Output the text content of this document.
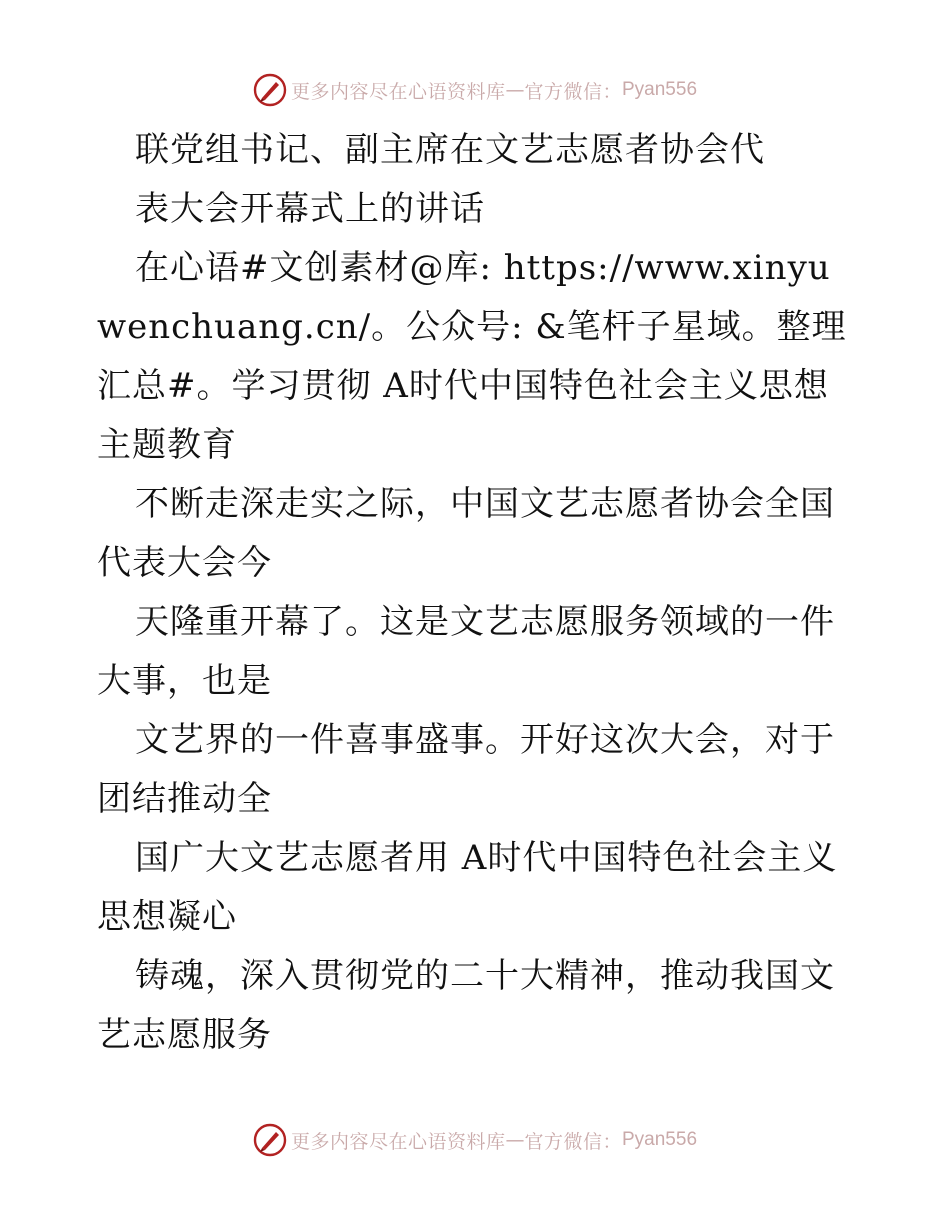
更多内容尽在心语资料库 — 官方微信： Pyan556

联党组书记、副主席在文艺志愿者协会代

表大会开幕式上的讲话

在心语#文创素材@库: https://www.xinyuwenchuang.cn/。公众号: &笔杆子星域。整理汇总#。学习贯彻 A时代中国特色社会主义思想主题教育

不断走深走实之际，中国文艺志愿者协会全国代表大会今

天隆重开幕了。这是文艺志愿服务领域的一件大事，也是

文艺界的一件喜事盛事。开好这次大会，对于团结推动全

国广大文艺志愿者用 A时代中国特色社会主义思想凝心

铸魂，深入贯彻党的二十大精神，推动我国文艺志愿服务

更多内容尽在心语资料库 — 官方微信： Pyan556
